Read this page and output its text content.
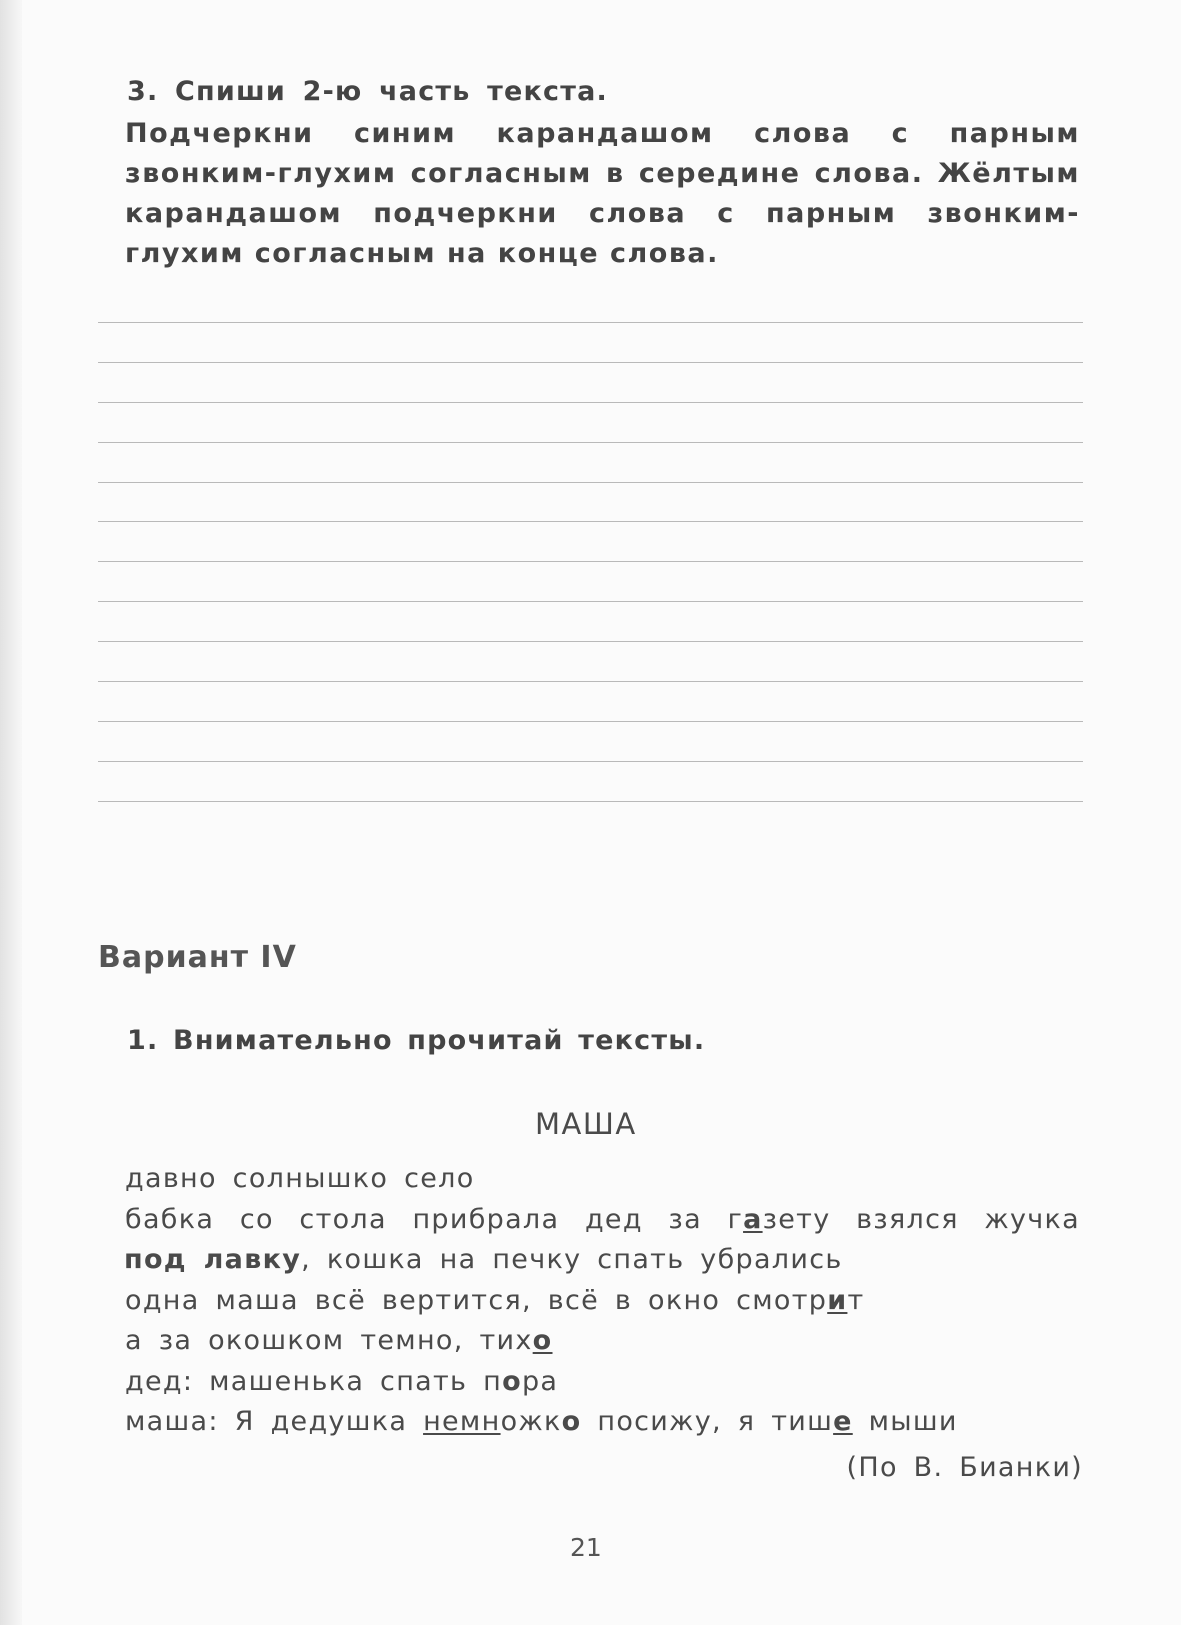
3. Спиши 2-ю часть текста.

Подчеркни синим карандашом слова с парным звонким-глухим согласным в середине слова. Жёлтым карандашом подчеркни слова с парным звонким-глухим согласным на конце слова.

Вариант IV
1. Внимательно прочитай тексты.
МАША
давно солнышко село
бабка со стола прибрала дед за газету взялся жучка
под лавку, кошка на печку спать убрались
одна маша всё вертится, всё в окно смотрит
а за окошком темно, тихо
дед: машенька спать пора
маша: Я дедушка немножко посижу, я тише мыши
(По В. Бианки)
21
